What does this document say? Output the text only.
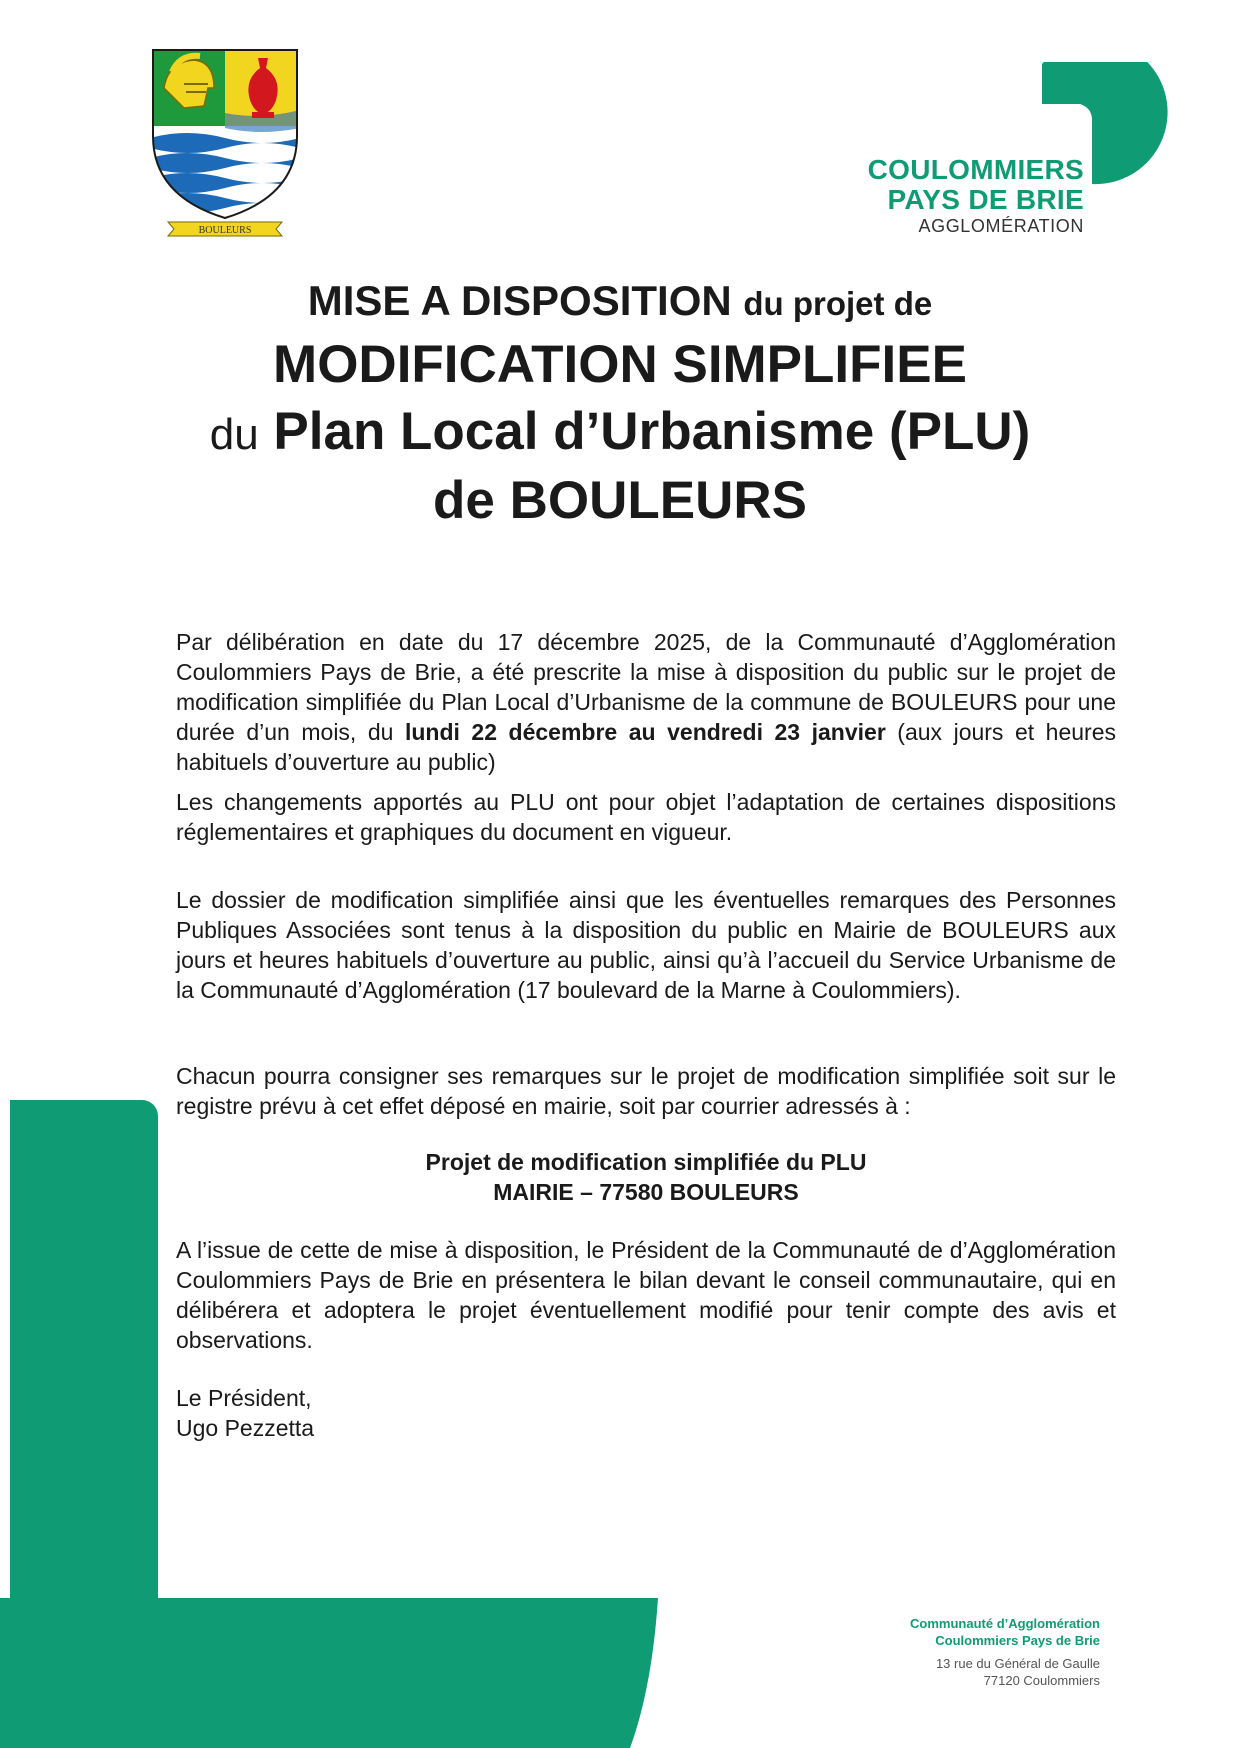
BOULEURS
COULOMMIERS
PAYS DE BRIE
AGGLOMÉRATION
MISE A DISPOSITION du projet de
MODIFICATION SIMPLIFIEE
du Plan Local d’Urbanisme (PLU)
de BOULEURS

Par délibération en date du 17 décembre 2025, de la Communauté d’Agglomération Coulommiers Pays de Brie, a été prescrite la mise à disposition du public sur le projet de modification simplifiée du Plan Local d’Urbanisme de la commune de BOULEURS pour une durée d’un mois, du lundi 22 décembre au vendredi 23 janvier (aux jours et heures habituels d’ouverture au public)

Les changements apportés au PLU ont pour objet l’adaptation de certaines dispositions réglementaires et graphiques du document en vigueur.

Le dossier de modification simplifiée ainsi que les éventuelles remarques des Personnes Publiques Associées sont tenus à la disposition du public en Mairie de BOULEURS aux jours et heures habituels d’ouverture au public, ainsi qu’à l’accueil du Service Urbanisme de la Communauté d’Agglomération (17 boulevard de la Marne à Coulommiers).

Chacun pourra consigner ses remarques sur le projet de modification simplifiée soit sur le registre prévu à cet effet déposé en mairie, soit par courrier adressés à :

Projet de modification simplifiée du PLU

MAIRIE – 77580 BOULEURS

A l’issue de cette de mise à disposition, le Président de la Communauté de d’Agglomération Coulommiers Pays de Brie en présentera le bilan devant le conseil communautaire, qui en délibérera et adoptera le projet éventuellement modifié pour tenir compte des avis et observations.

Le Président,

Ugo Pezzetta

Communauté d’Agglomération
Coulommiers Pays de Brie
13 rue du Général de Gaulle
77120 Coulommiers
